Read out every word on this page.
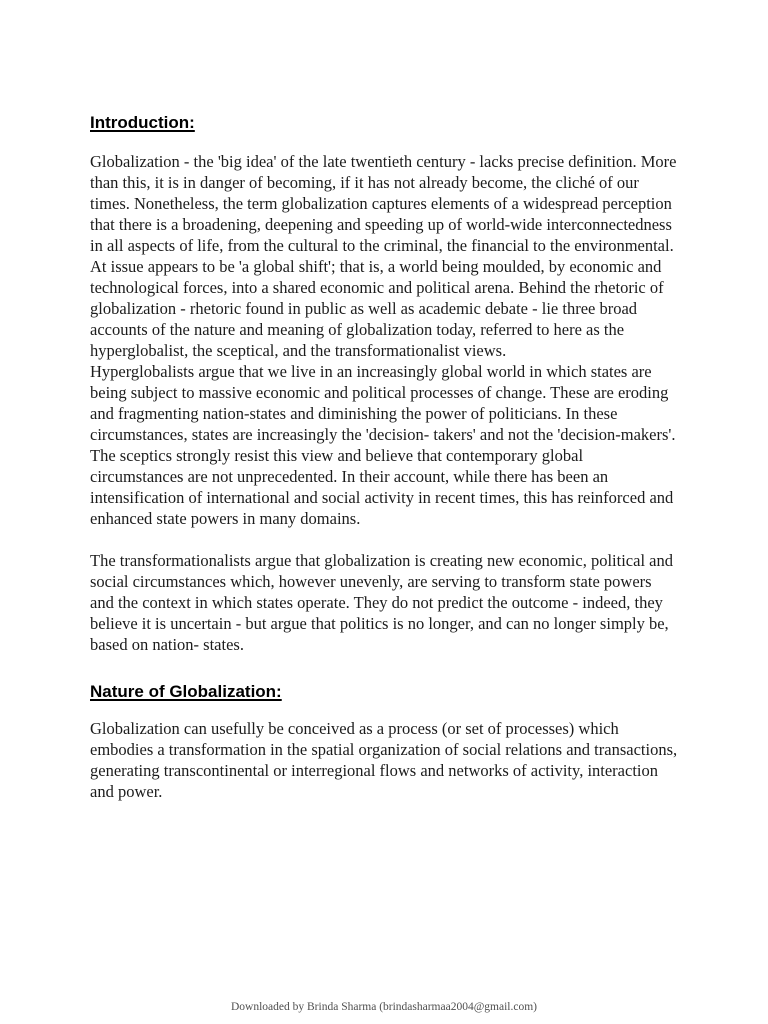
Introduction:

Globalization - the 'big idea' of the late twentieth century - lacks precise definition. More than this, it is in danger of becoming, if it has not already become, the cliché of our times. Nonetheless, the term globalization captures elements of a widespread perception that there is a broadening, deepening and speeding up of world-wide interconnectedness in all aspects of life, from the cultural to the criminal, the financial to the environmental. At issue appears to be 'a global shift'; that is, a world being moulded, by economic and technological forces, into a shared economic and political arena. Behind the rhetoric of globalization - rhetoric found in public as well as academic debate - lie three broad accounts of the nature and meaning of globalization today, referred to here as the hyperglobalist, the sceptical, and the transformationalist views.

Hyperglobalists argue that we live in an increasingly global world in which states are being subject to massive economic and political processes of change. These are eroding and fragmenting nation-states and diminishing the power of politicians. In these circumstances, states are increasingly the 'decision- takers' and not the 'decision-makers'.

The sceptics strongly resist this view and believe that contemporary global circumstances are not unprecedented. In their account, while there has been an intensification of international and social activity in recent times, this has reinforced and enhanced state powers in many domains.

The transformationalists argue that globalization is creating new economic, political and social circumstances which, however unevenly, are serving to transform state powers and the context in which states operate. They do not predict the outcome - indeed, they believe it is uncertain - but argue that politics is no longer, and can no longer simply be, based on nation- states.

Nature of Globalization:

Globalization can usefully be conceived as a process (or set of processes) which embodies a transformation in the spatial organization of social relations and transactions, generating transcontinental or interregional flows and networks of activity, interaction and power.

Downloaded by Brinda Sharma (brindasharmaa2004@gmail.com)
